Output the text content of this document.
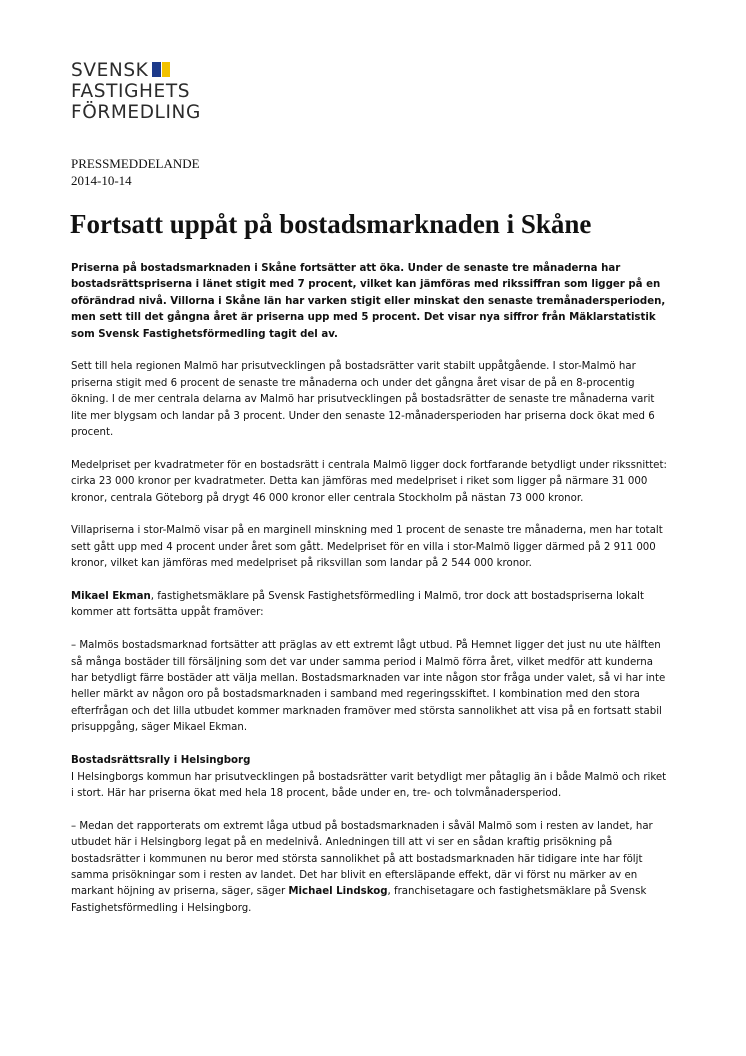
SVENSK
FASTIGHETS
FÖRMEDLING
PRESSMEDDELANDE
2014-10-14
Fortsatt uppåt på bostadsmarknaden i Skåne

Priserna på bostadsmarknaden i Skåne fortsätter att öka. Under de senaste tre månaderna har bostadsrättspriserna i länet stigit med 7 procent, vilket kan jämföras med rikssiffran som ligger på en oförändrad nivå. Villorna i Skåne län har varken stigit eller minskat den senaste tremånadersperioden, men sett till det gångna året är priserna upp med 5 procent. Det visar nya siffror från Mäklarstatistik som Svensk Fastighetsförmedling tagit del av.

Sett till hela regionen Malmö har prisutvecklingen på bostadsrätter varit stabilt uppåtgående. I stor-Malmö har priserna stigit med 6 procent de senaste tre månaderna och under det gångna året visar de på en 8-procentig ökning. I de mer centrala delarna av Malmö har prisutvecklingen på bostadsrätter de senaste tre månaderna varit lite mer blygsam och landar på 3 procent. Under den senaste 12-månadersperioden har priserna dock ökat med 6 procent.

Medelpriset per kvadratmeter för en bostadsrätt i centrala Malmö ligger dock fortfarande betydligt under rikssnittet: cirka 23 000 kronor per kvadratmeter. Detta kan jämföras med medelpriset i riket som ligger på närmare 31 000 kronor, centrala Göteborg på drygt 46 000 kronor eller centrala Stockholm på nästan 73 000 kronor.

Villapriserna i stor-Malmö visar på en marginell minskning med 1 procent de senaste tre månaderna, men har totalt sett gått upp med 4 procent under året som gått. Medelpriset för en villa i stor-Malmö ligger därmed på 2 911 000 kronor, vilket kan jämföras med medelpriset på riksvillan som landar på 2 544 000 kronor.

Mikael Ekman, fastighetsmäklare på Svensk Fastighetsförmedling i Malmö, tror dock att bostadspriserna lokalt kommer att fortsätta uppåt framöver:

– Malmös bostadsmarknad fortsätter att präglas av ett extremt lågt utbud. På Hemnet ligger det just nu ute hälften så många bostäder till försäljning som det var under samma period i Malmö förra året, vilket medför att kunderna har betydligt färre bostäder att välja mellan. Bostadsmarknaden var inte någon stor fråga under valet, så vi har inte heller märkt av någon oro på bostadsmarknaden i samband med regeringsskiftet. I kombination med den stora efterfrågan och det lilla utbudet kommer marknaden framöver med största sannolikhet att visa på en fortsatt stabil prisuppgång, säger Mikael Ekman.

Bostadsrättsrally i Helsingborg
I Helsingborgs kommun har prisutvecklingen på bostadsrätter varit betydligt mer påtaglig än i både Malmö och riket i stort. Här har priserna ökat med hela 18 procent, både under en, tre- och tolvmånadersperiod.

– Medan det rapporterats om extremt låga utbud på bostadsmarknaden i såväl Malmö som i resten av landet, har utbudet här i Helsingborg legat på en medelnivå. Anledningen till att vi ser en sådan kraftig prisökning på bostadsrätter i kommunen nu beror med största sannolikhet på att bostadsmarknaden här tidigare inte har följt samma prisökningar som i resten av landet. Det har blivit en eftersläpande effekt, där vi först nu märker av en markant höjning av priserna, säger, säger Michael Lindskog, franchisetagare och fastighetsmäklare på Svensk Fastighetsförmedling i Helsingborg.
